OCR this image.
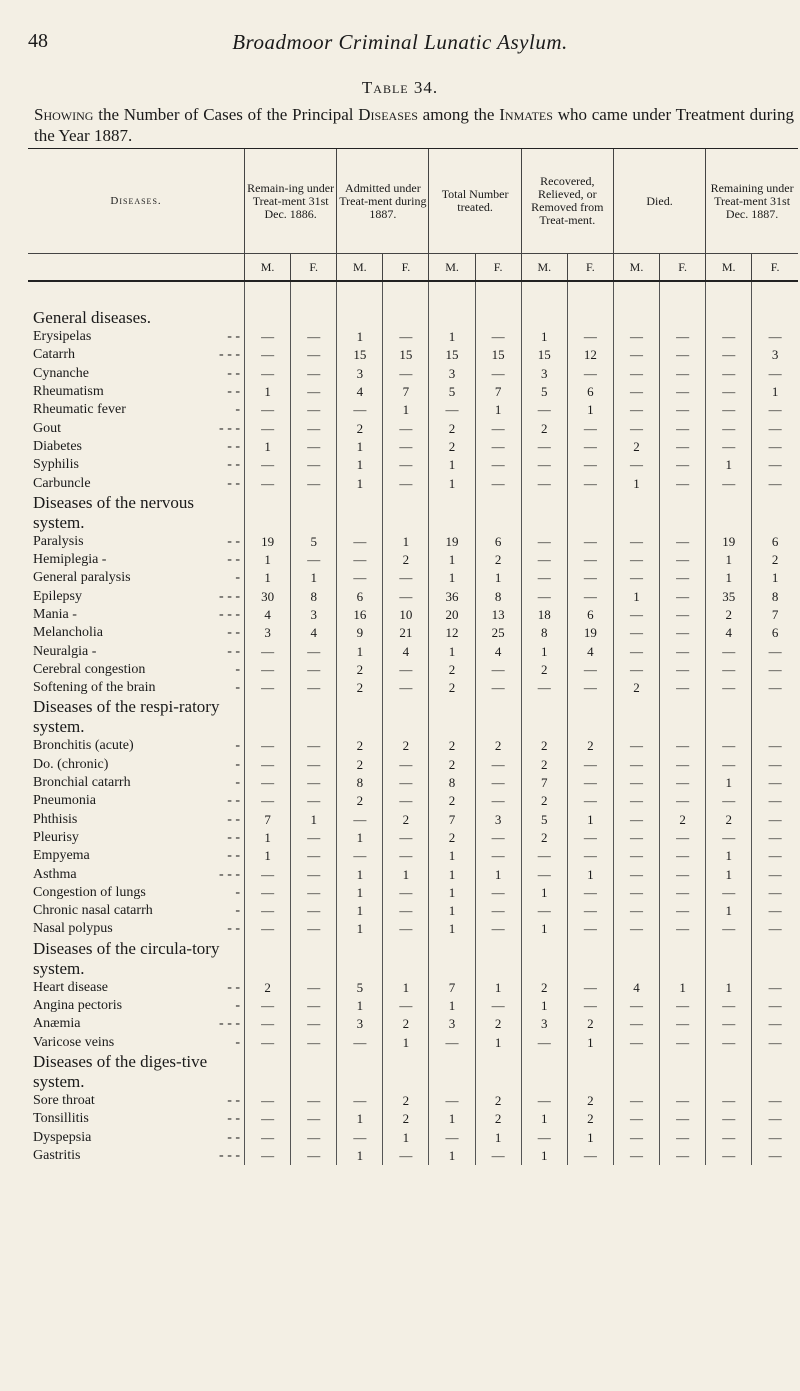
48	Broadmoor Criminal Lunatic Asylum.
Table 34.
Showing the Number of Cases of the Principal Diseases among the Inmates who came under Treatment during the Year 1887.
Diseases.	Remain-ing under Treat-ment 31st Dec. 1886.		Admitted under Treat-ment during 1887.		Total Number treated.		Recovered, Relieved, or Removed from Treat-ment.		Died.		Remaining under Treat-ment 31st Dec. 1887.	
	M.	F.	M.	F.	M.	F.	M.	F.	M.	F.	M.	F.
General diseases.												

Erysipelas - -	—	—	1	—	1	—	1	—	—	—	—	—

Catarrh - - -	—	—	15	15	15	15	15	12	—	—	—	3

Cynanche - -	—	—	3	—	3	—	3	—	—	—	—	—

Rheumatism - -	1	—	4	7	5	7	5	6	—	—	—	1

Rheumatic fever -	—	—	—	1	—	1	—	1	—	—	—	—

Gout - - -	—	—	2	—	2	—	2	—	—	—	—	—

Diabetes - -	1	—	1	—	2	—	—	—	2	—	—	—

Syphilis - -	—	—	1	—	1	—	—	—	—	—	1	—

Carbuncle - -	—	—	1	—	1	—	—	—	1	—	—	—
Diseases of the nervous system.												

Paralysis - -	19	5	—	1	19	6	—	—	—	—	19	6

Hemiplegia - - -	1	—	—	2	1	2	—	—	—	—	1	2

General paralysis -	1	1	—	—	1	1	—	—	—	—	1	1

Epilepsy - - -	30	8	6	—	36	8	—	—	1	—	35	8

Mania - - - -	4	3	16	10	20	13	18	6	—	—	2	7

Melancholia - -	3	4	9	21	12	25	8	19	—	—	4	6

Neuralgia - - -	—	—	1	4	1	4	1	4	—	—	—	—

Cerebral congestion -	—	—	2	—	2	—	2	—	—	—	—	—

Softening of the brain -	—	—	2	—	2	—	—	—	2	—	—	—
Diseases of the respi-ratory system.												

Bronchitis (acute) -	—	—	2	2	2	2	2	2	—	—	—	—

Do. (chronic) -	—	—	2	—	2	—	2	—	—	—	—	—

Bronchial catarrh -	—	—	8	—	8	—	7	—	—	—	1	—

Pneumonia - -	—	—	2	—	2	—	2	—	—	—	—	—

Phthisis - -	7	1	—	2	7	3	5	1	—	2	2	—

Pleurisy - -	1	—	1	—	2	—	2	—	—	—	—	—

Empyema - -	1	—	—	—	1	—	—	—	—	—	1	—

Asthma - - -	—	—	1	1	1	1	—	1	—	—	1	—

Congestion of lungs -	—	—	1	—	1	—	1	—	—	—	—	—

Chronic nasal catarrh -	—	—	1	—	1	—	—	—	—	—	1	—

Nasal polypus - -	—	—	1	—	1	—	1	—	—	—	—	—
Diseases of the circula-tory system.												

Heart disease - -	2	—	5	1	7	1	2	—	4	1	1	—

Angina pectoris -	—	—	1	—	1	—	1	—	—	—	—	—

Anæmia - - -	—	—	3	2	3	2	3	2	—	—	—	—

Varicose veins -	—	—	—	1	—	1	—	1	—	—	—	—
Diseases of the diges-tive system.												

Sore throat - -	—	—	—	2	—	2	—	2	—	—	—	—

Tonsillitis - -	—	—	1	2	1	2	1	2	—	—	—	—

Dyspepsia - -	—	—	—	1	—	1	—	1	—	—	—	—

Gastritis - - -	—	—	1	—	1	—	1	—	—	—	—	—
